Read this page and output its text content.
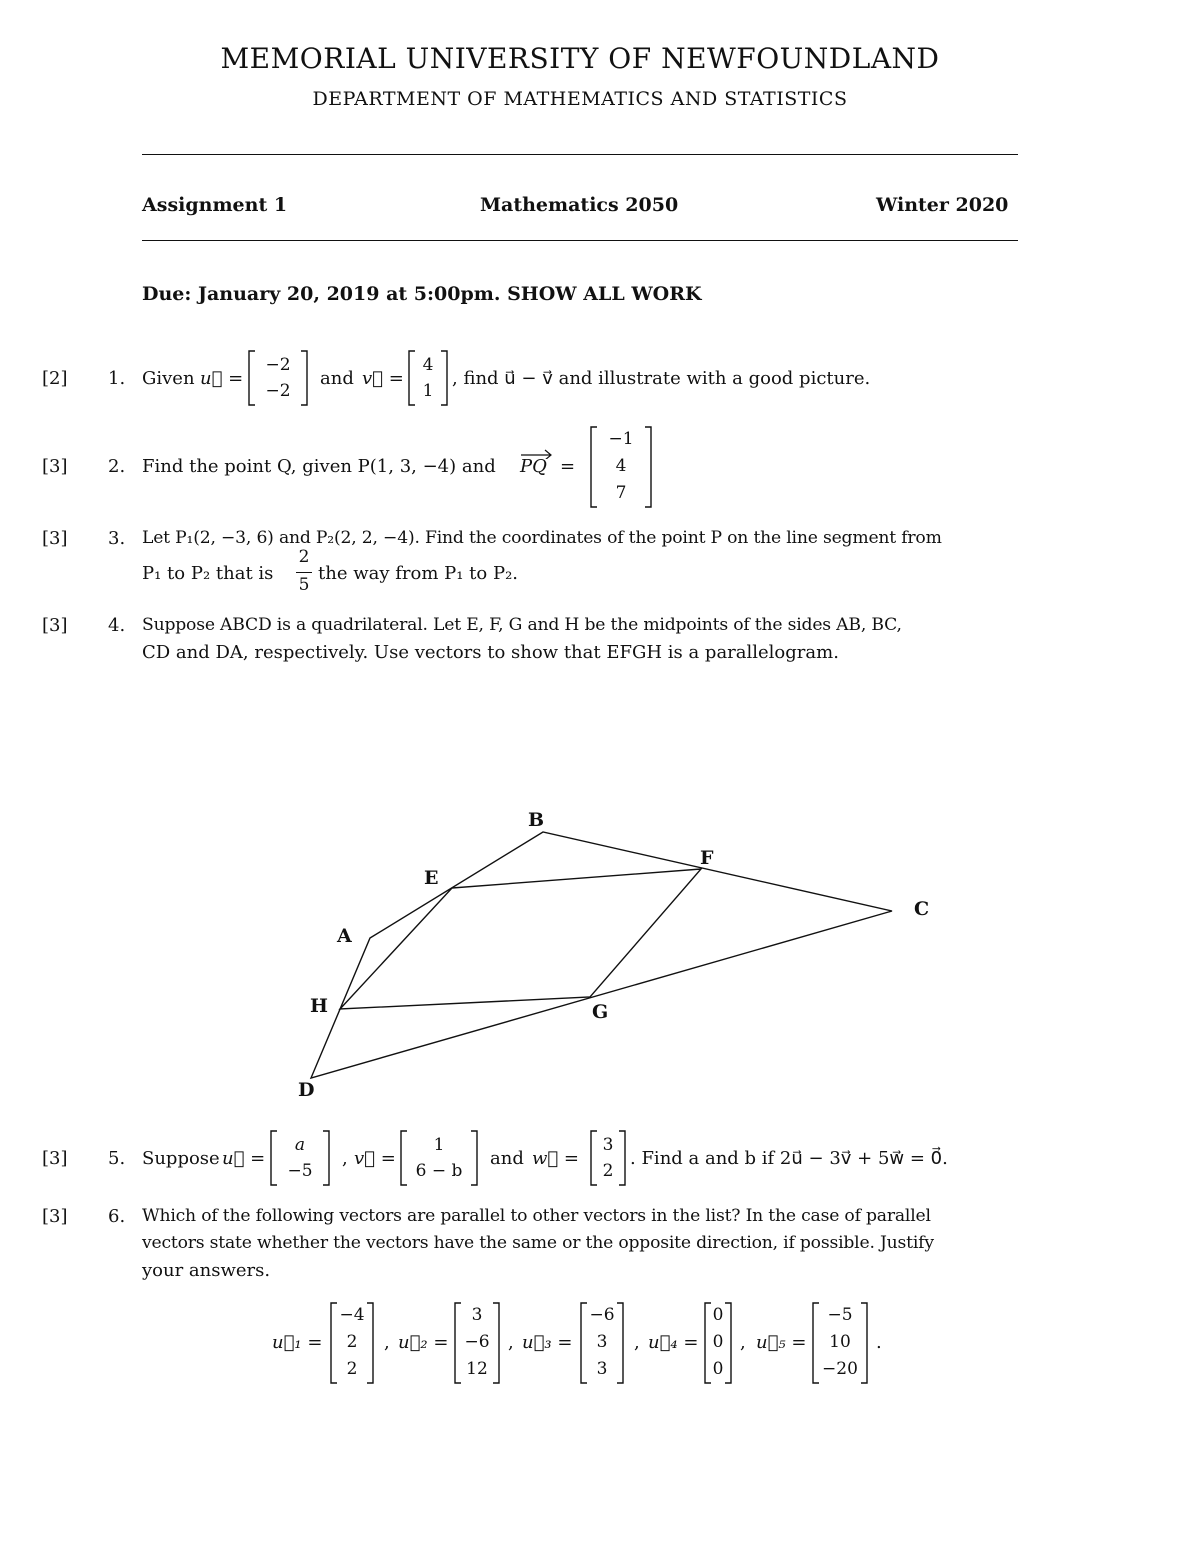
MEMORIAL UNIVERSITY OF NEWFOUNDLAND
DEPARTMENT OF MATHEMATICS AND STATISTICS
Assignment 1	Mathematics 2050	Winter 2020
Due: January 20, 2019 at 5:00pm. SHOW ALL WORK
[2] 1. Given u⃗ =
−2
−2
and v⃗ =
4
1
, find u⃗ − v⃗ and illustrate with a good picture.
[3] 2. Find the point Q, given P(1, 3, −4) and PQ =
−1
4
7
[3] 3. Let P₁(2, −3, 6) and P₂(2, 2, −4). Find the coordinates of the point P on the line segment from
P₁ to P₂ that is
2
5
the way from P₁ to P₂.
[3] 4. Suppose ABCD is a quadrilateral. Let E, F, G and H be the midpoints of the sides AB, BC,
CD and DA, respectively. Use vectors to show that EFGH is a parallelogram.
B
F
E
C
A
H	G
D
[3] 5. Suppose u⃗ =
a
−5
, v⃗ =
1
6 − b
and w⃗ =
3
2
. Find a and b if 2u⃗ − 3v⃗ + 5w⃗ = 0⃗.
[3] 6. Which of the following vectors are parallel to other vectors in the list? In the case of parallel
vectors state whether the vectors have the same or the opposite direction, if possible. Justify
your answers.
u⃗₁ =
−4
2
2
, u⃗₂ =
3
−6
12
, u⃗₃ =
−6
3
3
, u⃗₄ =
0
0
0
, u⃗₅ =
−5
10
−20
.
